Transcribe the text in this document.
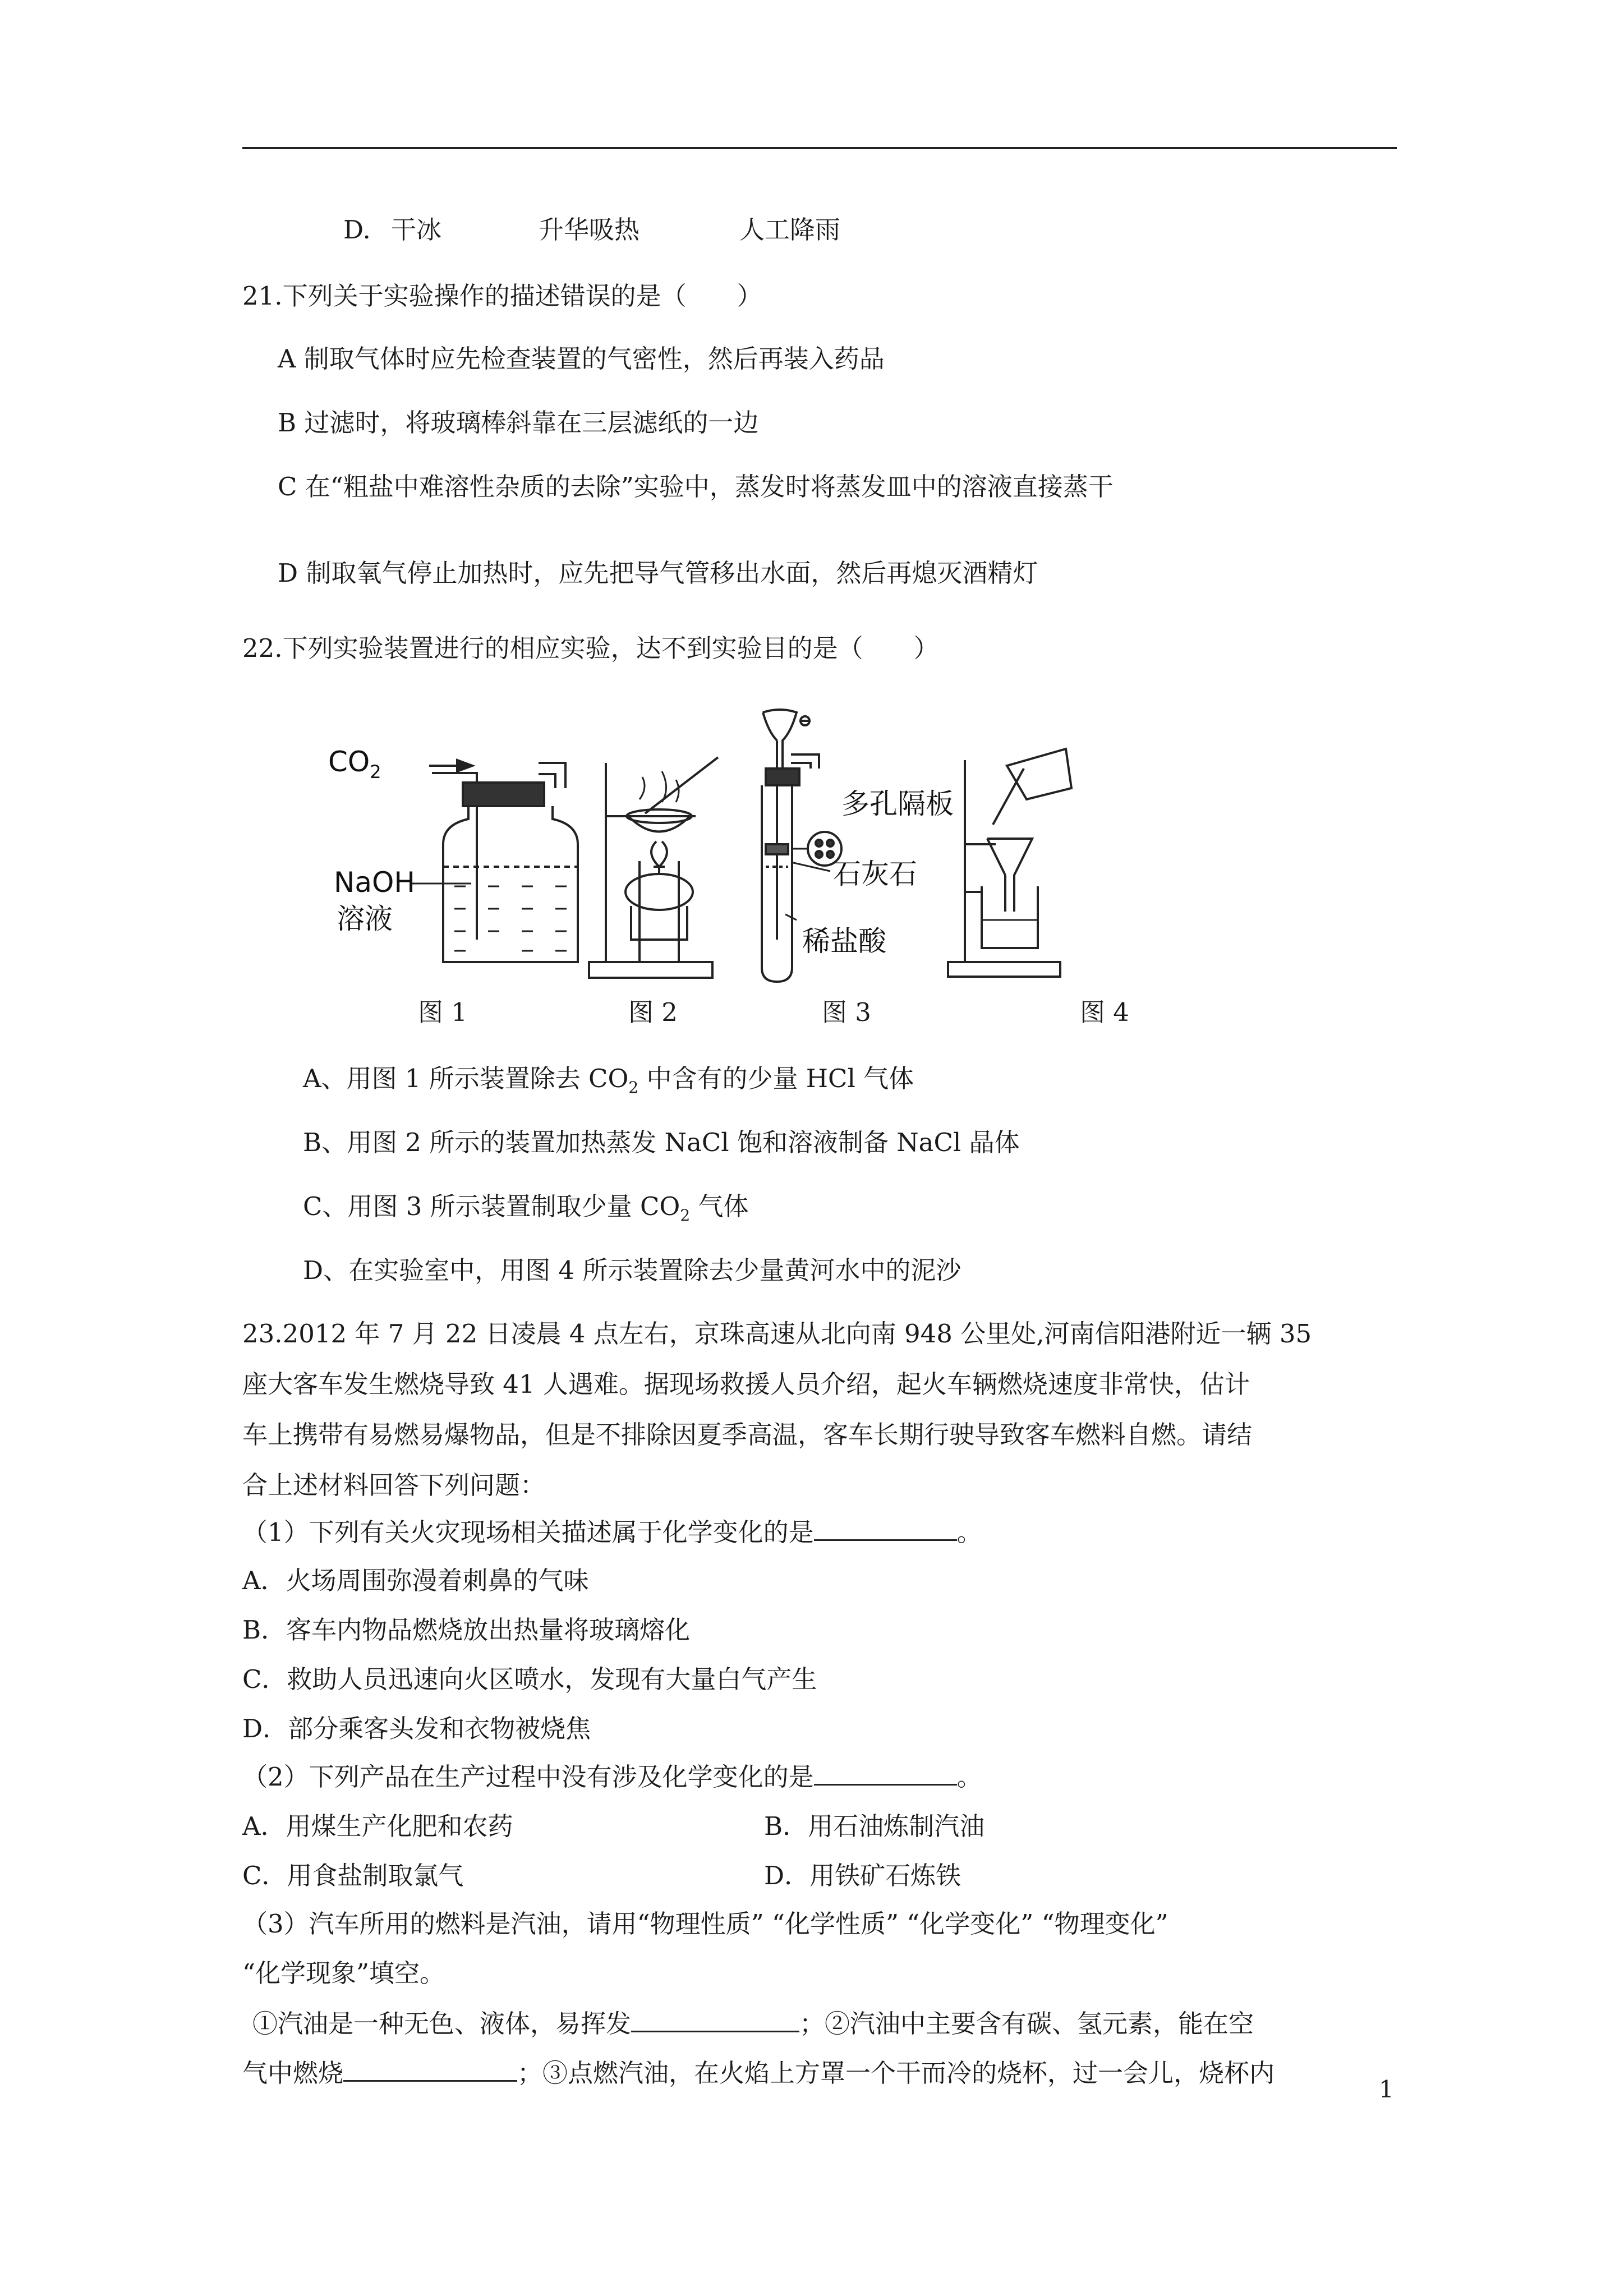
D. 干冰	升华吸热	人工降雨
21.下列关于实验操作的描述错误的是（　　）
A 制取气体时应先检查装置的气密性，然后再装入药品
B 过滤时，将玻璃棒斜靠在三层滤纸的一边
C 在“粗盐中难溶性杂质的去除”实验中，蒸发时将蒸发皿中的溶液直接蒸干
D 制取氧气停止加热时，应先把导气管移出水面，然后再熄灭酒精灯
22.下列实验装置进行的相应实验，达不到实验目的是（　　）
$CO_2$
NaOH
溶液
多孔隔板
石灰石
稀盐酸
图 1	图 2	图 3	图 4
A、用图 1 所示装置除去 $CO_2$ 中含有的少量 HCl 气体
B、用图 2 所示的装置加热蒸发 NaCl 饱和溶液制备 NaCl 晶体
C、用图 3 所示装置制取少量 $CO_2$ 气体
D、在实验室中，用图 4 所示装置除去少量黄河水中的泥沙
23.2012 年 7 月 22 日凌晨 4 点左右，京珠高速从北向南 948 公里处,河南信阳港附近一辆 35
座大客车发生燃烧导致 41 人遇难。据现场救援人员介绍，起火车辆燃烧速度非常快，估计
车上携带有易燃易爆物品，但是不排除因夏季高温，客车长期行驶导致客车燃料自燃。请结
合上述材料回答下列问题：
（1）下列有关火灾现场相关描述属于化学变化的是	。
A．火场周围弥漫着刺鼻的气味
B．客车内物品燃烧放出热量将玻璃熔化
C．救助人员迅速向火区喷水，发现有大量白气产生
D．部分乘客头发和衣物被烧焦
（2）下列产品在生产过程中没有涉及化学变化的是	。
A．用煤生产化肥和农药	B．用石油炼制汽油
C．用食盐制取氯气	D．用铁矿石炼铁
（3）汽车所用的燃料是汽油，请用“物理性质” “化学性质” “化学变化” “物理变化”
“化学现象”填空。
①汽油是一种无色、液体，易挥发	；②汽油中主要含有碳、氢元素，能在空
气中燃烧	；③点燃汽油，在火焰上方罩一个干而冷的烧杯，过一会儿，烧杯内
1
